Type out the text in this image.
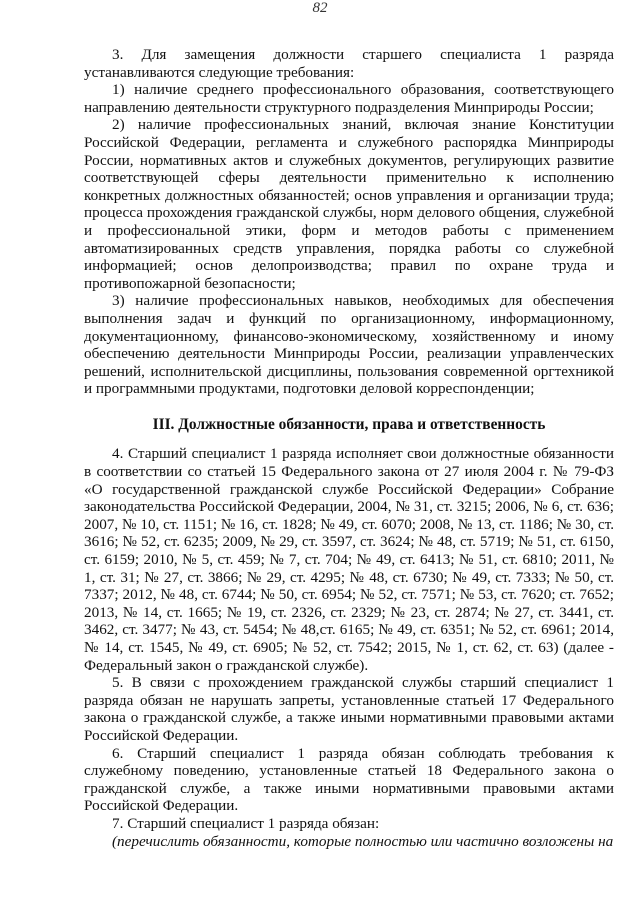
82

3. Для замещения должности старшего специалиста 1 разряда устанавливаются следующие требования:

1) наличие среднего профессионального образования, соответствующего направлению деятельности структурного подразделения Минприроды России;

2) наличие профессиональных знаний, включая знание Конституции Российской Федерации, регламента и служебного распорядка Минприроды России, нормативных актов и служебных документов, регулирующих развитие соответствующей сферы деятельности применительно к исполнению конкретных должностных обязанностей; основ управления и организации труда; процесса прохождения гражданской службы, норм делового общения, служебной и профессиональной этики, форм и методов работы с применением автоматизированных средств управления, порядка работы со служебной информацией; основ делопроизводства; правил по охране труда и противопожарной безопасности;

3) наличие профессиональных навыков, необходимых для обеспечения выполнения задач и функций по организационному, информационному, документационному, финансово-экономическому, хозяйственному и иному обеспечению деятельности Минприроды России, реализации управленческих решений, исполнительской дисциплины, пользования современной оргтехникой и программными продуктами, подготовки деловой корреспонденции;

III. Должностные обязанности, права и ответственность

4. Старший специалист 1 разряда исполняет свои должностные обязанности в соответствии со статьей 15 Федерального закона от 27 июля 2004 г. № 79-ФЗ «О государственной гражданской службе Российской Федерации» Собрание законодательства Российской Федерации, 2004, № 31, ст. 3215; 2006, № 6, ст. 636; 2007, № 10, ст. 1151; № 16, ст. 1828; № 49, ст. 6070; 2008, № 13, ст. 1186; № 30, ст. 3616; № 52, ст. 6235; 2009, № 29, ст. 3597, ст. 3624; № 48, ст. 5719; № 51, ст. 6150, ст. 6159; 2010, № 5, ст. 459; № 7, ст. 704; № 49, ст. 6413; № 51, ст. 6810; 2011, № 1, ст. 31; № 27, ст. 3866; № 29, ст. 4295; № 48, ст. 6730; № 49, ст. 7333; № 50, ст. 7337; 2012, № 48, ст. 6744; № 50, ст. 6954; № 52, ст. 7571; № 53, ст. 7620; ст. 7652; 2013, № 14, ст. 1665; № 19, ст. 2326, ст. 2329; № 23, ст. 2874; № 27, ст. 3441, ст. 3462, ст. 3477; № 43, ст. 5454; № 48,ст. 6165; № 49, ст. 6351; № 52, ст. 6961; 2014, № 14, ст. 1545, № 49, ст. 6905; № 52, ст. 7542; 2015, № 1, ст. 62, ст. 63) (далее - Федеральный закон о гражданской службе).

5. В связи с прохождением гражданской службы старший специалист 1 разряда обязан не нарушать запреты, установленные статьей 17 Федерального закона о гражданской службе, а также иными нормативными правовыми актами Российской Федерации.

6. Старший специалист 1 разряда обязан соблюдать требования к служебному поведению, установленные статьей 18 Федерального закона о гражданской службе, а также иными нормативными правовыми актами Российской Федерации.

7. Старший специалист 1 разряда обязан:

(перечислить обязанности, которые полностью или частично возложены на
